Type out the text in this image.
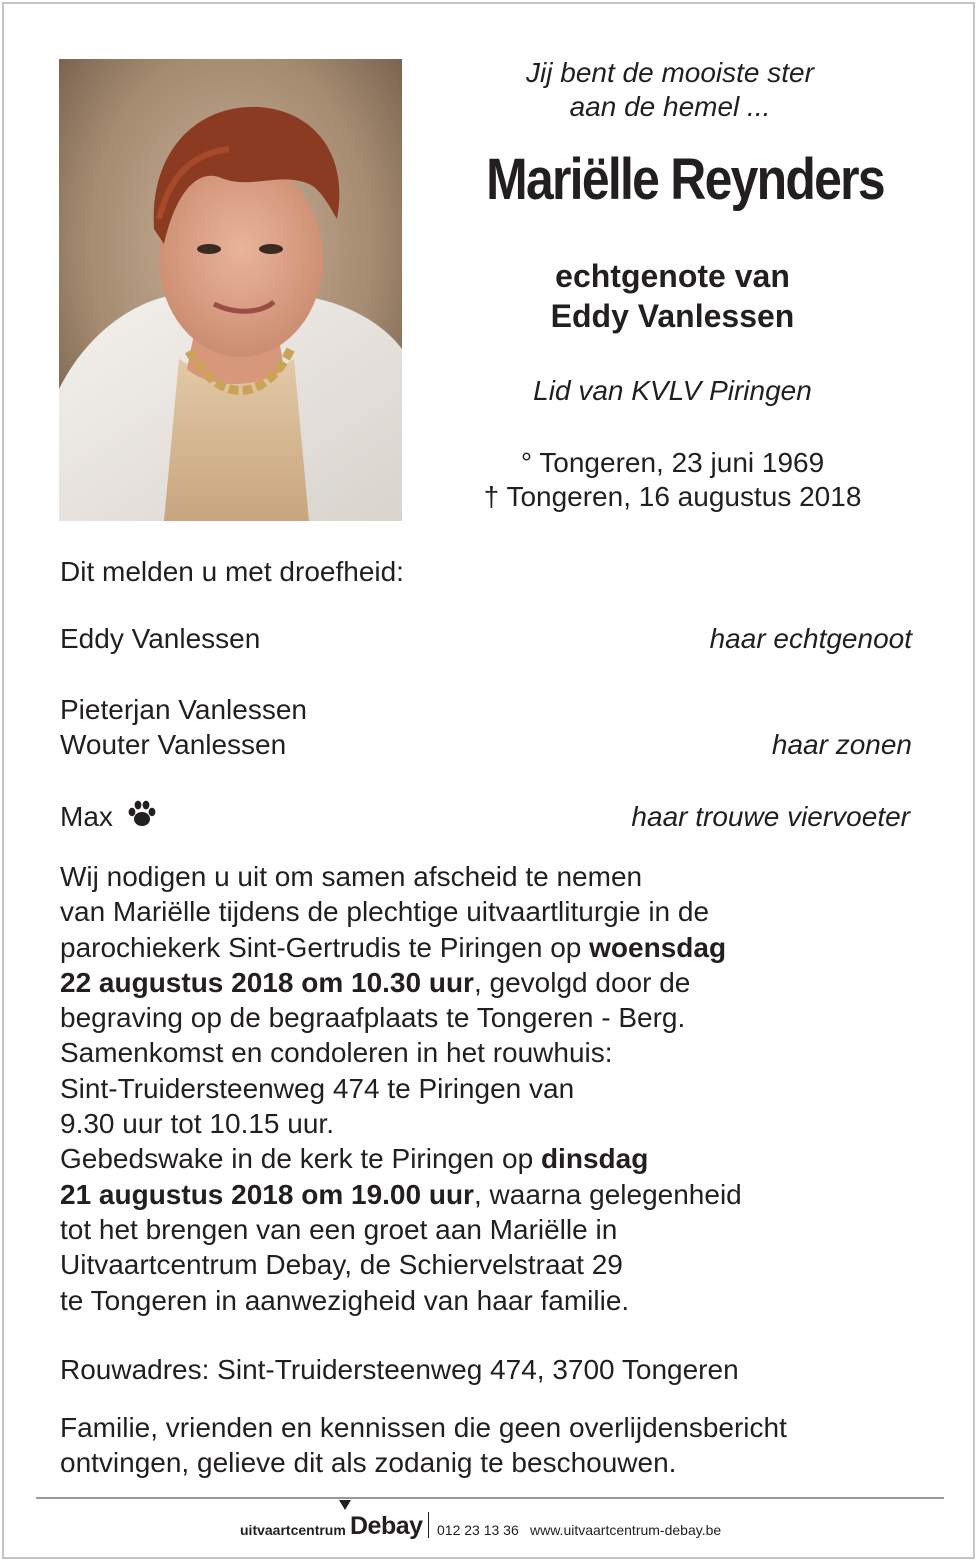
Jij bent de mooiste ster
aan de hemel ...
Mariëlle Reynders
echtgenote van
Eddy Vanlessen
Lid van KVLV Piringen
° Tongeren, 23 juni 1969
† Tongeren, 16 augustus 2018
Dit melden u met droefheid:
Eddy Vanlessen	haar echtgenoot
Pieterjan Vanlessen
Wouter Vanlessen	haar zonen
Max	haar trouwe viervoeter
Wij nodigen u uit om samen afscheid te nemen
van Mariëlle tijdens de plechtige uitvaartliturgie in de
parochiekerk Sint-Gertrudis te Piringen op woensdag
22 augustus 2018 om 10.30 uur, gevolgd door de
begraving op de begraafplaats te Tongeren - Berg.
Samenkomst en condoleren in het rouwhuis:
Sint-Truidersteenweg 474 te Piringen van
9.30 uur tot 10.15 uur.
Gebedswake in de kerk te Piringen op dinsdag
21 augustus 2018 om 19.00 uur, waarna gelegenheid
tot het brengen van een groet aan Mariëlle in
Uitvaartcentrum Debay, de Schiervelstraat 29
te Tongeren in aanwezigheid van haar familie.
Rouwadres: Sint-Truidersteenweg 474, 3700 Tongeren
Familie, vrienden en kennissen die geen overlijdensbericht
ontvingen, gelieve dit als zodanig te beschouwen.
uitvaartcentrum Debay 012 23 13 36 www.uitvaartcentrum-debay.be
